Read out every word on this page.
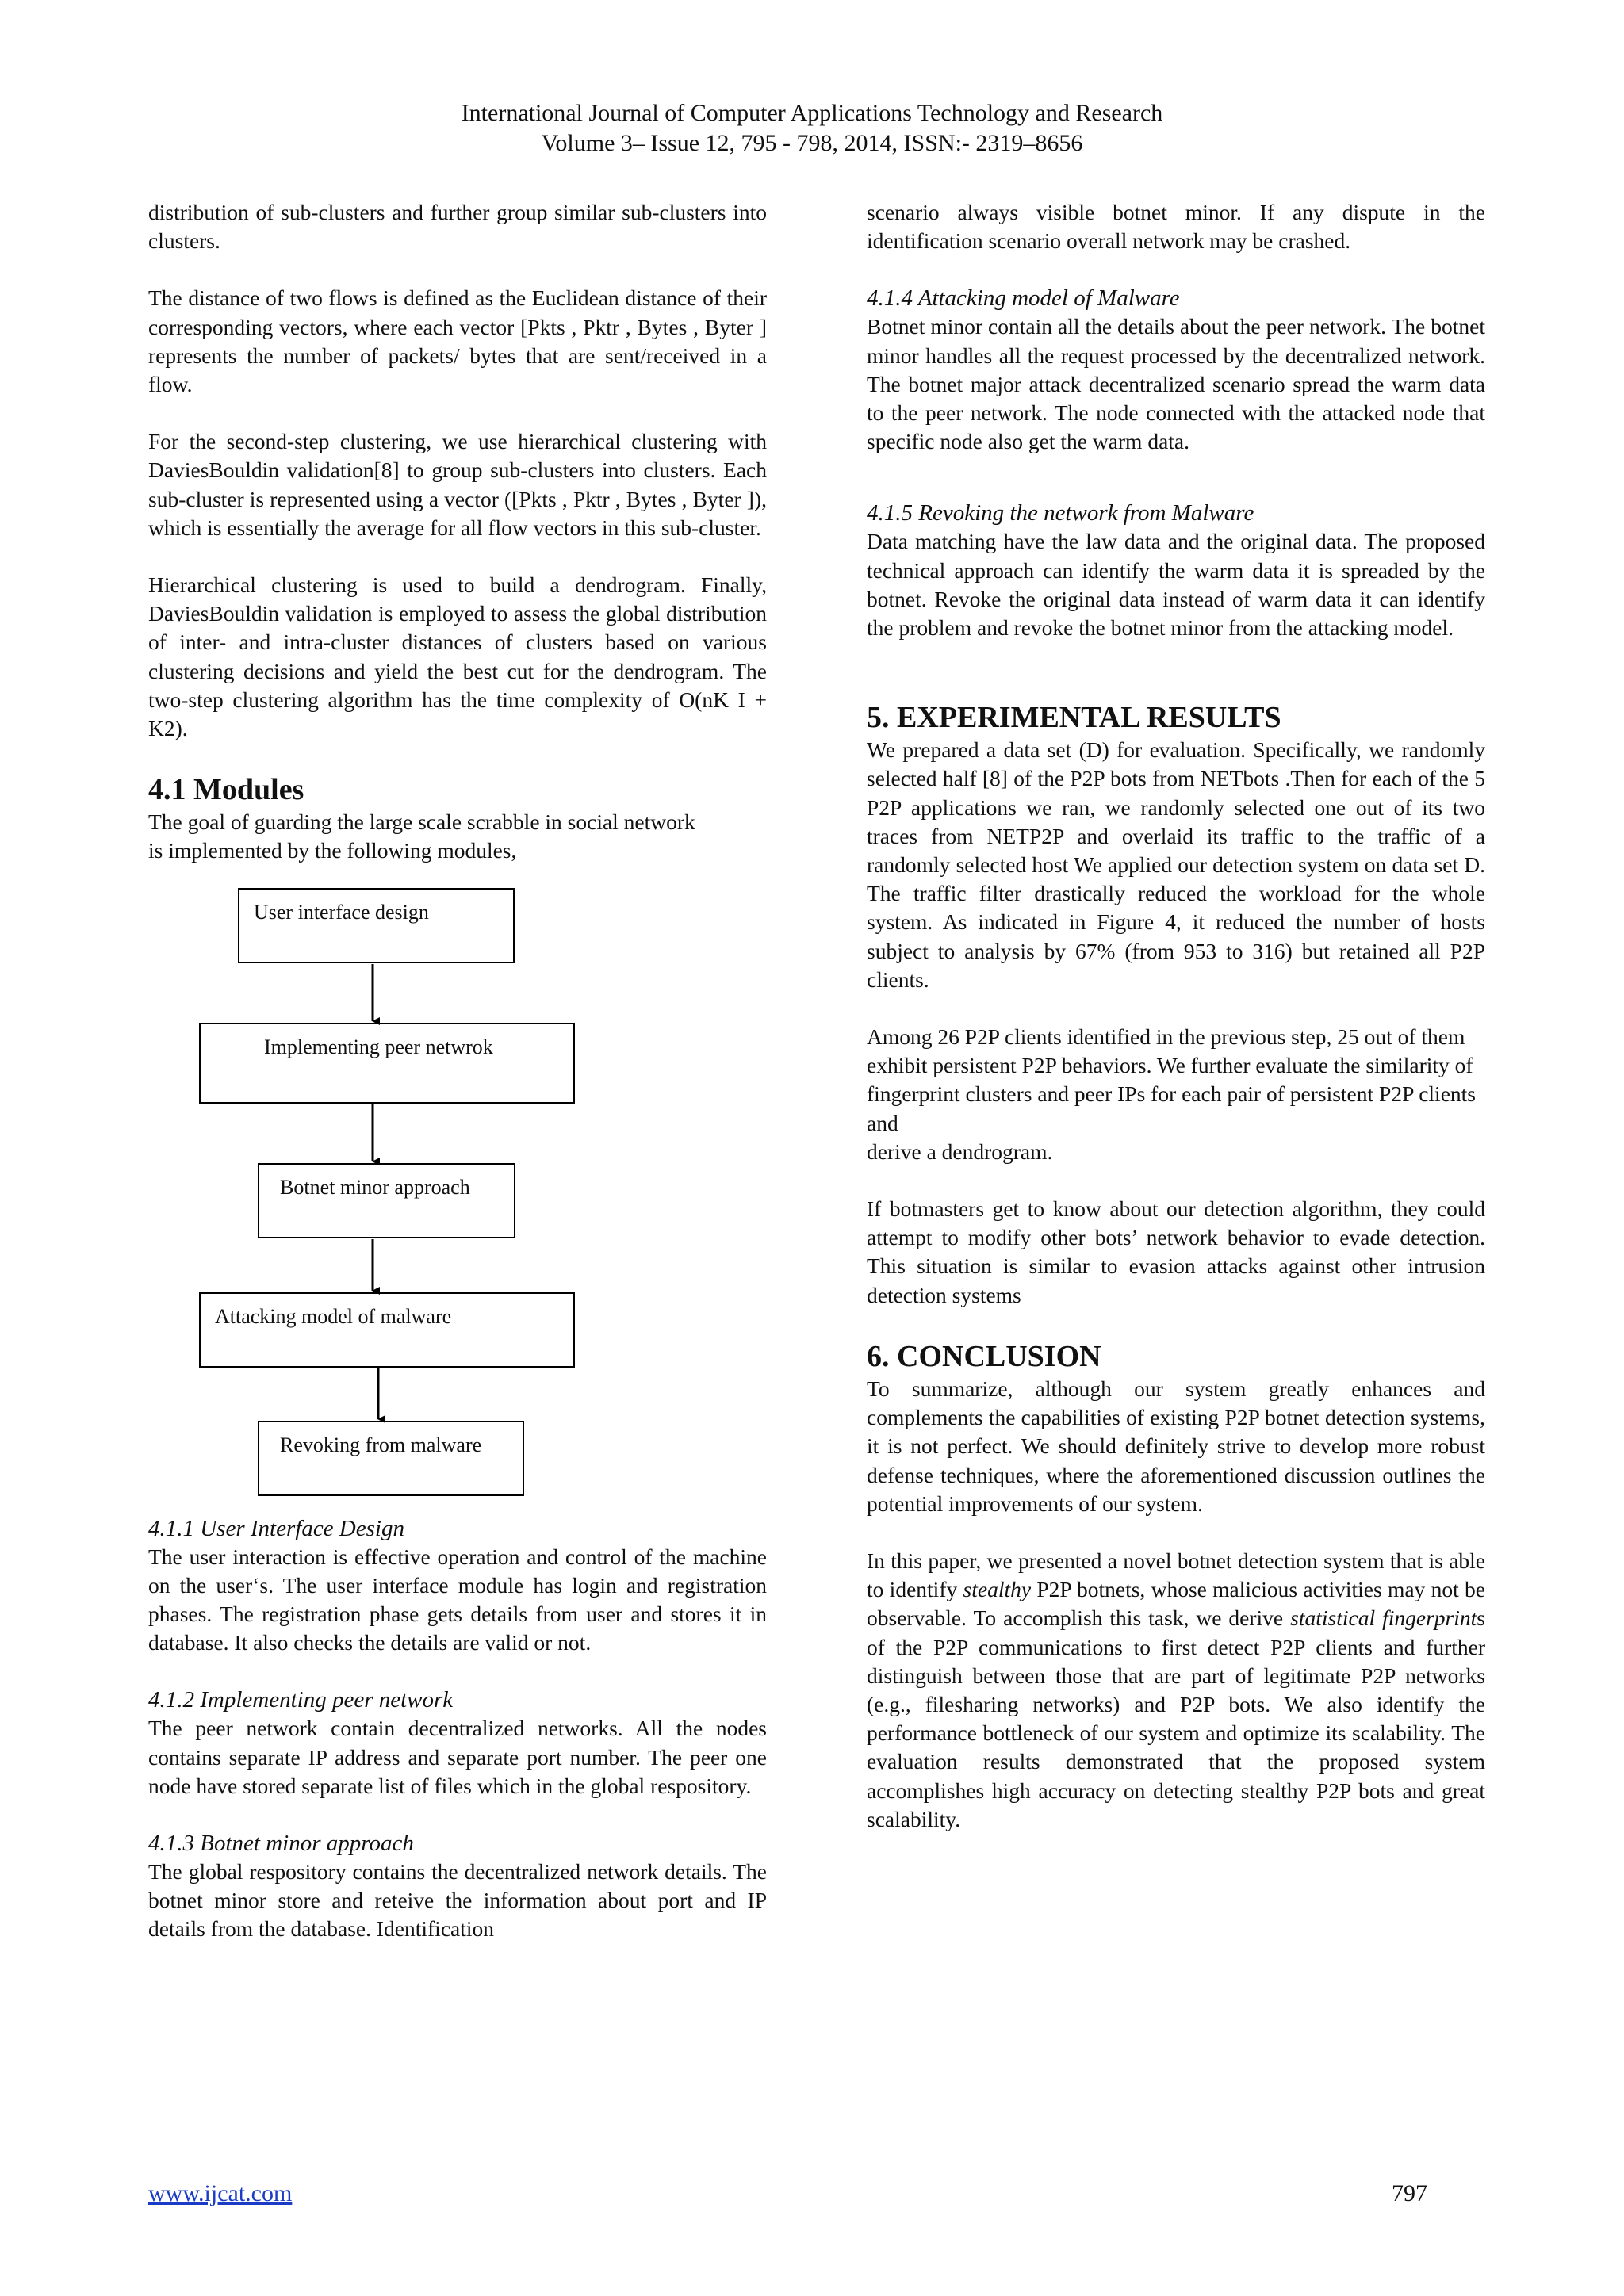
International Journal of Computer Applications Technology and Research
Volume 3– Issue 12, 795 - 798, 2014, ISSN:- 2319–8656

distribution of sub-clusters and further group similar sub-clusters into clusters.

The distance of two flows is defined as the Euclidean distance of their corresponding vectors, where each vector [Pkts , Pktr , Bytes , Byter ] represents the number of packets/ bytes that are sent/received in a flow.

For the second-step clustering, we use hierarchical clustering with DaviesBouldin validation[8] to group sub-clusters into clusters. Each sub-cluster is represented using a vector ([Pkts , Pktr , Bytes , Byter ]), which is essentially the average for all flow vectors in this sub-cluster.

Hierarchical clustering is used to build a dendrogram. Finally, DaviesBouldin validation is employed to assess the global distribution of inter- and intra-cluster distances of clusters based on various clustering decisions and yield the best cut for the dendrogram. The two-step clustering algorithm has the time complexity of O(nK I + K2).

4.1 Modules

The goal of guarding the large scale scrabble in social network is implemented by the following modules,

User interface design
Implementing peer netwrok
Botnet minor approach
Attacking model of malware
Revoking from malware
4.1.1 User Interface Design

The user interaction is effective operation and control of the machine on the user‘s. The user interface module has login and registration phases. The registration phase gets details from user and stores it in database. It also checks the details are valid or not.

4.1.2 Implementing peer network

The peer network contain decentralized networks. All the nodes contains separate IP address and separate port number. The peer one node have stored separate list of files which in the global respository.

4.1.3 Botnet minor approach

The global respository contains the decentralized network details. The botnet minor store and reteive the information about port and IP details from the database. Identification

scenario always visible botnet minor. If any dispute in the identification scenario overall network may be crashed.

4.1.4 Attacking model of Malware

Botnet minor contain all the details about the peer network. The botnet minor handles all the request processed by the decentralized network. The botnet major attack decentralized scenario spread the warm data to the peer network. The node connected with the attacked node that specific node also get the warm data.

4.1.5 Revoking the network from Malware

Data matching have the law data and the original data. The proposed technical approach can identify the warm data it is spreaded by the botnet. Revoke the original data instead of warm data it can identify the problem and revoke the botnet minor from the attacking model.

5. EXPERIMENTAL RESULTS

We prepared a data set (D) for evaluation. Specifically, we randomly selected half [8] of the P2P bots from NETbots .Then for each of the 5 P2P applications we ran, we randomly selected one out of its two traces from NETP2P and overlaid its traffic to the traffic of a randomly selected host We applied our detection system on data set D. The traffic filter drastically reduced the workload for the whole system. As indicated in Figure 4, it reduced the number of hosts subject to analysis by 67% (from 953 to 316) but retained all P2P clients.

Among 26 P2P clients identified in the previous step, 25 out of them exhibit persistent P2P behaviors. We further evaluate the similarity of fingerprint clusters and peer IPs for each pair of persistent P2P clients and

derive a dendrogram.

If botmasters get to know about our detection algorithm, they could attempt to modify other bots’ network behavior to evade detection. This situation is similar to evasion attacks against other intrusion detection systems

6. CONCLUSION

To summarize, although our system greatly enhances and complements the capabilities of existing P2P botnet detection systems, it is not perfect. We should definitely strive to develop more robust defense techniques, where the aforementioned discussion outlines the potential improvements of our system.

In this paper, we presented a novel botnet detection system that is able to identify stealthy P2P botnets, whose malicious activities may not be observable. To accomplish this task, we derive statistical fingerprints of the P2P communications to first detect P2P clients and further distinguish between those that are part of legitimate P2P networks (e.g., filesharing networks) and P2P bots. We also identify the performance bottleneck of our system and optimize its scalability. The evaluation results demonstrated that the proposed system accomplishes high accuracy on detecting stealthy P2P bots and great scalability.

www.ijcat.com	797
